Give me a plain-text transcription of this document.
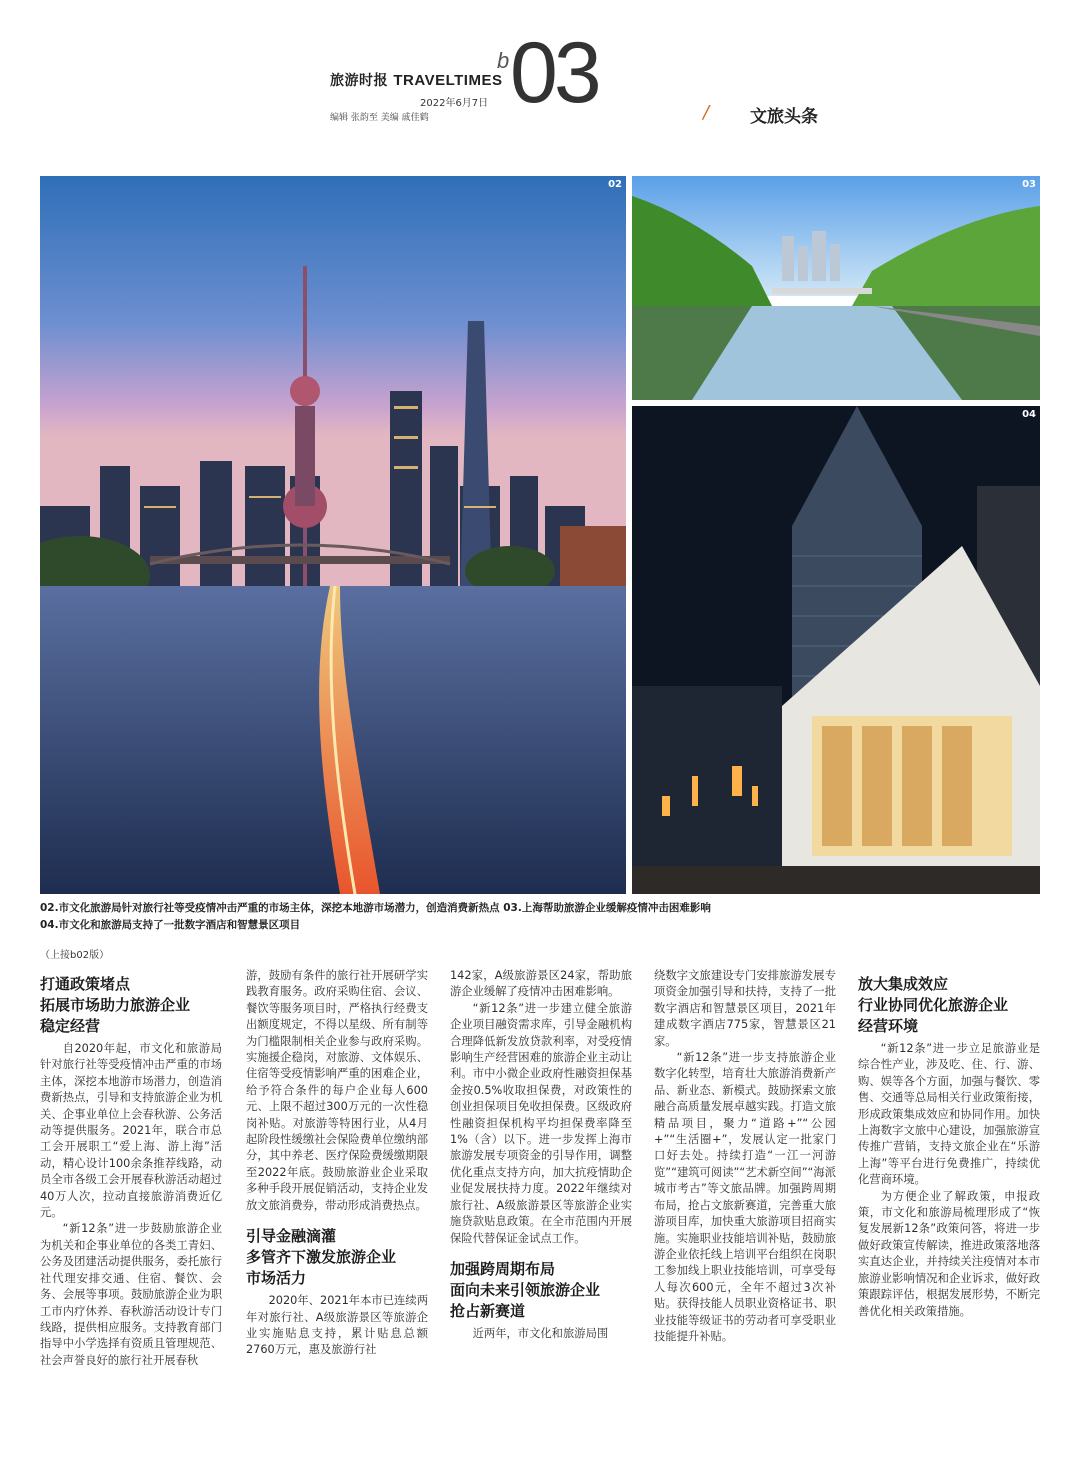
旅游时报 TRAVELTIMES
2022年6月7日
编辑 张韵至 美编 戚佳鹤
b 03	/ 文旅头条
02	03
04
02.市文化旅游局针对旅行社等受疫情冲击严重的市场主体，深挖本地游市场潜力，创造消费新热点 03.上海帮助旅游企业缓解疫情冲击困难影响
04.市文化和旅游局支持了一批数字酒店和智慧景区项目
（上接b02版）
打通政策堵点
拓展市场助力旅游企业
稳定经营

自2020年起，市文化和旅游局针对旅行社等受疫情冲击严重的市场主体，深挖本地游市场潜力，创造消费新热点，引导和支持旅游企业为机关、企事业单位上会春秋游、公务活动等提供服务。2021年，联合市总工会开展职工“爱上海、游上海”活动，精心设计100余条推荐线路，动员全市各级工会开展春秋游活动超过40万人次，拉动直接旅游消费近亿元。

“新12条”进一步鼓励旅游企业为机关和企事业单位的各类工青妇、公务及团建活动提供服务，委托旅行社代理安排交通、住宿、餐饮、会务、会展等事项。鼓励旅游企业为职工市内疗休养、春秋游活动设计专门线路，提供相应服务。支持教育部门指导中小学选择有资质且管理规范、社会声誉良好的旅行社开展春秋

游，鼓励有条件的旅行社开展研学实践教育服务。政府采购住宿、会议、餐饮等服务项目时，严格执行经费支出额度规定，不得以星级、所有制等为门槛限制相关企业参与政府采购。实施援企稳岗，对旅游、文体娱乐、住宿等受疫情影响严重的困难企业，给予符合条件的每户企业每人600元、上限不超过300万元的一次性稳岗补贴。对旅游等特困行业，从4月起阶段性缓缴社会保险费单位缴纳部分，其中养老、医疗保险费缓缴期限至2022年底。鼓励旅游业企业采取多种手段开展促销活动，支持企业发放文旅消费券，带动形成消费热点。

引导金融滴灌
多管齐下激发旅游企业
市场活力

2020年、2021年本市已连续两年对旅行社、A级旅游景区等旅游企业实施贴息支持，累计贴息总额2760万元，惠及旅游行社

142家，A级旅游景区24家，帮助旅游企业缓解了疫情冲击困难影响。

“新12条”进一步建立健全旅游企业项目融资需求库，引导金融机构合理降低新发放贷款利率，对受疫情影响生产经营困难的旅游企业主动让利。市中小微企业政府性融资担保基金按0.5%收取担保费，对政策性的创业担保项目免收担保费。区级政府性融资担保机构平均担保费率降至1%（含）以下。进一步发挥上海市旅游发展专项资金的引导作用，调整优化重点支持方向，加大抗疫情助企业促发展扶持力度。2022年继续对旅行社、A级旅游景区等旅游企业实施贷款贴息政策。在全市范围内开展保险代替保证金试点工作。

加强跨周期布局
面向未来引领旅游企业
抢占新赛道

近两年，市文化和旅游局围

绕数字文旅建设专门安排旅游发展专项资金加强引导和扶持，支持了一批数字酒店和智慧景区项目，2021年建成数字酒店775家，智慧景区21家。

“新12条”进一步支持旅游企业数字化转型，培育壮大旅游消费新产品、新业态、新模式。鼓励探索文旅融合高质量发展卓越实践。打造文旅精品项目，聚力“道路+”“公园+”“生活圈+”，发展认定一批家门口好去处。持续打造“一江一河游览”“建筑可阅读”“艺术新空间”“海派城市考古”等文旅品牌。加强跨周期布局，抢占文旅新赛道，完善重大旅游项目库，加快重大旅游项目招商实施。实施职业技能培训补贴，鼓励旅游企业依托线上培训平台组织在岗职工参加线上职业技能培训，可享受每人每次600元，全年不超过3次补贴。获得技能人员职业资格证书、职业技能等级证书的劳动者可享受职业技能提升补贴。

放大集成效应
行业协同优化旅游企业
经营环境

“新12条”进一步立足旅游业是综合性产业，涉及吃、住、行、游、购、娱等各个方面，加强与餐饮、零售、交通等总局相关行业政策衔接，形成政策集成效应和协同作用。加快上海数字文旅中心建设，加强旅游宣传推广营销，支持文旅企业在“乐游上海”等平台进行免费推广，持续优化营商环境。

为方便企业了解政策，申报政策，市文化和旅游局梳理形成了“恢复发展新12条”政策问答，将进一步做好政策宣传解读，推进政策落地落实直达企业，并持续关注疫情对本市旅游业影响情况和企业诉求，做好政策跟踪评估，根据发展形势，不断完善优化相关政策措施。
